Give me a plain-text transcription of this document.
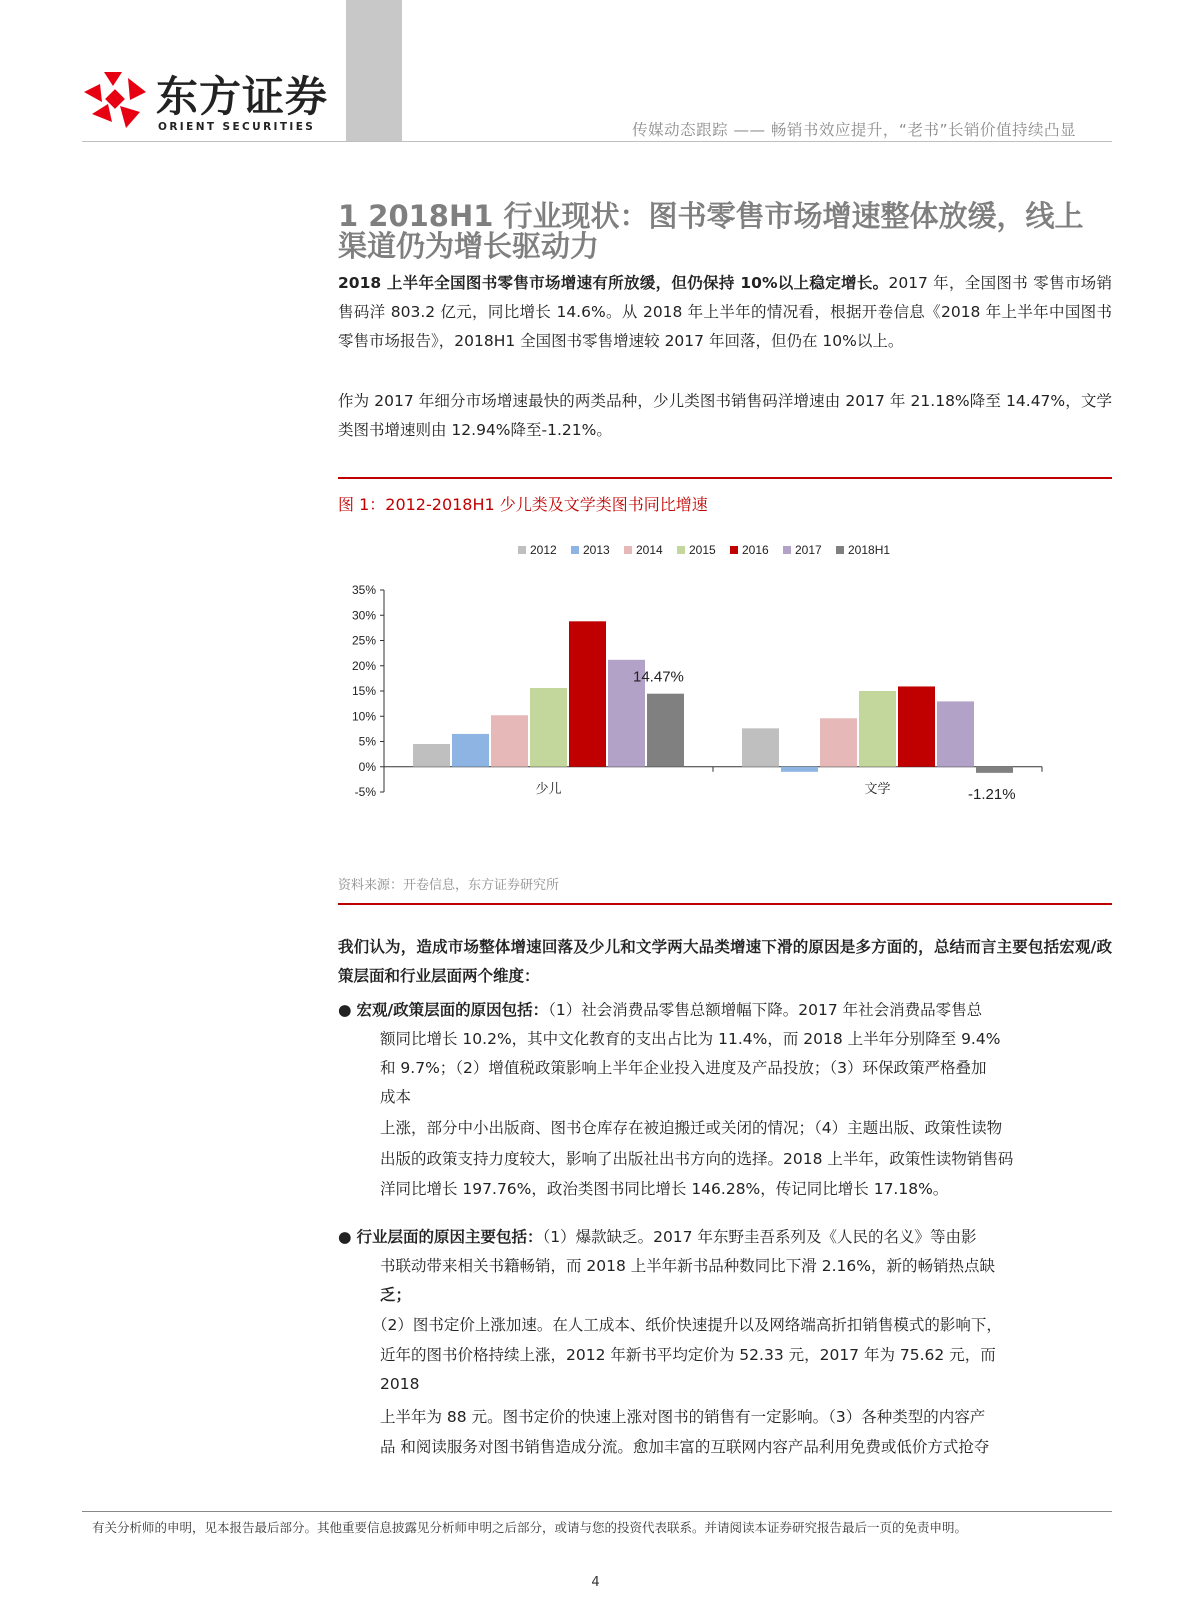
东方证券
ORIENT SECURITIES	传媒动态跟踪 —— 畅销书效应提升，“老书”长销价值持续凸显
1 2018H1 行业现状：图书零售市场增速整体放缓，线上渠道仍为增长驱动力
2018 上半年全国图书零售市场增速有所放缓，但仍保持 10%以上稳定增长。2017 年，全国图书 零售市场销售码洋 803.2 亿元，同比增长 14.6%。从 2018 年上半年的情况看，根据开卷信息《2018 年上半年中国图书零售市场报告》，2018H1 全国图书零售增速较 2017 年回落，但仍在 10%以上。
作为 2017 年细分市场增速最快的两类品种，少儿类图书销售码洋增速由 2017 年 21.18%降至 14.47%，文学类图书增速则由 12.94%降至-1.21%。
图 1：2012-2018H1 少儿类及文学类图书同比增速
2012 2013 2014 2015 2016 2017 2018H1
-5%
0%
5%
10%
15%
20%
25%
30%
35%
少儿	文学
14.47%
-1.21%
资料来源：开卷信息，东方证券研究所
我们认为，造成市场整体增速回落及少儿和文学两大品类增速下滑的原因是多方面的，总结而言主要包括宏观/政策层面和行业层面两个维度：
● 宏观/政策层面的原因包括：（1）社会消费品零售总额增幅下降。2017 年社会消费品零售总
额同比增长 10.2%，其中文化教育的支出占比为 11.4%，而 2018 上半年分别降至 9.4%
和 9.7%；（2）增值税政策影响上半年企业投入进度及产品投放；（3）环保政策严格叠加
成本
上涨，部分中小出版商、图书仓库存在被迫搬迁或关闭的情况；（4）主题出版、政策性读物
出版的政策支持力度较大，影响了出版社出书方向的选择。2018 上半年，政策性读物销售码
洋同比增长 197.76%，政治类图书同比增长 146.28%，传记同比增长 17.18%。
● 行业层面的原因主要包括：（1）爆款缺乏。2017 年东野圭吾系列及《人民的名义》等由影
书联动带来相关书籍畅销，而 2018 上半年新书品种数同比下滑 2.16%，新的畅销热点缺
乏；
（2）图书定价上涨加速。在人工成本、纸价快速提升以及网络端高折扣销售模式的影响下，
近年的图书价格持续上涨，2012 年新书平均定价为 52.33 元，2017 年为 75.62 元，而
2018
上半年为 88 元。图书定价的快速上涨对图书的销售有一定影响。（3）各种类型的内容产
品 和阅读服务对图书销售造成分流。愈加丰富的互联网内容产品利用免费或低价方式抢夺
有关分析师的申明，见本报告最后部分。其他重要信息披露见分析师申明之后部分，或请与您的投资代表联系。并请阅读本证券研究报告最后一页的免责申明。
4
